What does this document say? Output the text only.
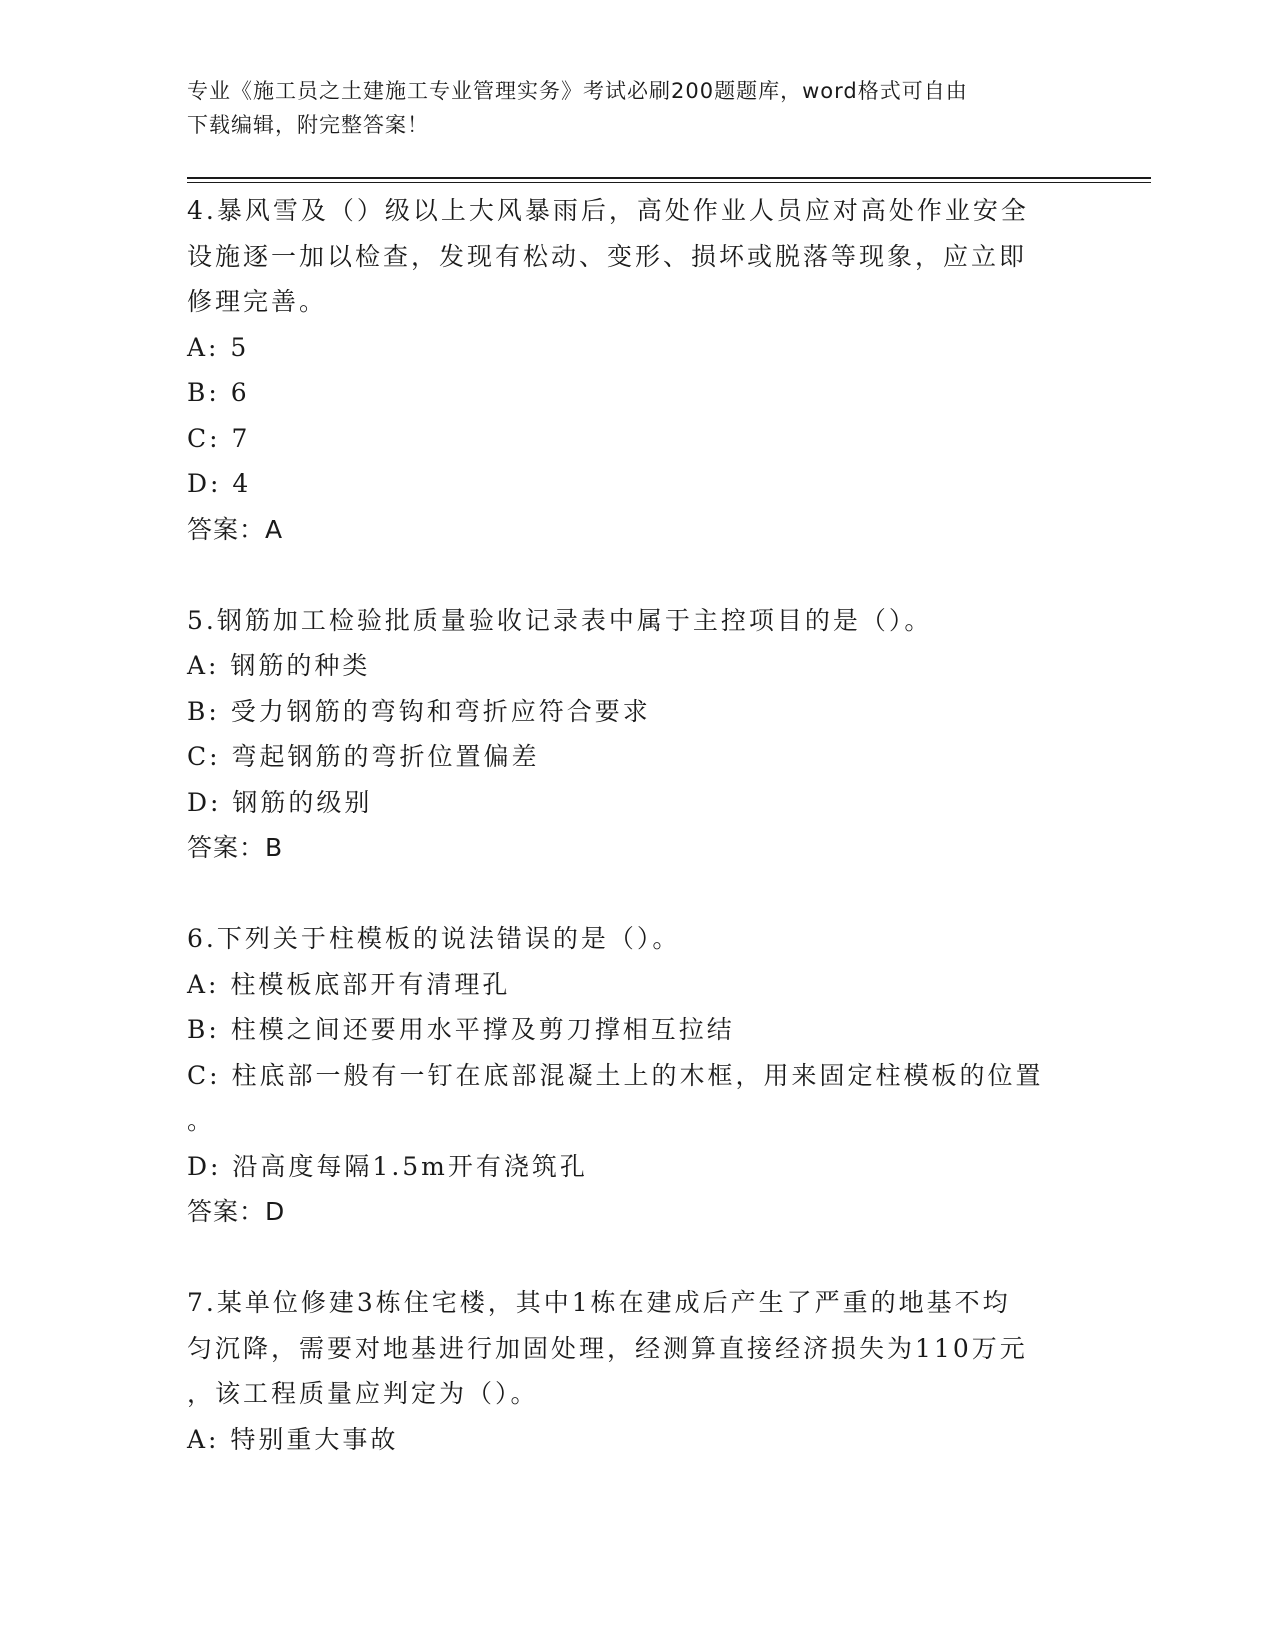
专业《施工员之土建施工专业管理实务》考试必刷200题题库，word格式可自由
下载编辑，附完整答案！
4.暴风雪及（）级以上大风暴雨后，高处作业人员应对高处作业安全
设施逐一加以检查，发现有松动、变形、损坏或脱落等现象，应立即
修理完善。
A: 5
B: 6
C: 7
D: 4
答案：A
5.钢筋加工检验批质量验收记录表中属于主控项目的是（）。
A: 钢筋的种类
B: 受力钢筋的弯钩和弯折应符合要求
C: 弯起钢筋的弯折位置偏差
D: 钢筋的级别
答案：B
6.下列关于柱模板的说法错误的是（）。
A: 柱模板底部开有清理孔
B: 柱模之间还要用水平撑及剪刀撑相互拉结
C: 柱底部一般有一钉在底部混凝土上的木框，用来固定柱模板的位置
。
D: 沿高度每隔1.5m开有浇筑孔
答案：D
7.某单位修建3栋住宅楼，其中1栋在建成后产生了严重的地基不均
匀沉降，需要对地基进行加固处理，经测算直接经济损失为110万元
，该工程质量应判定为（）。
A: 特别重大事故
